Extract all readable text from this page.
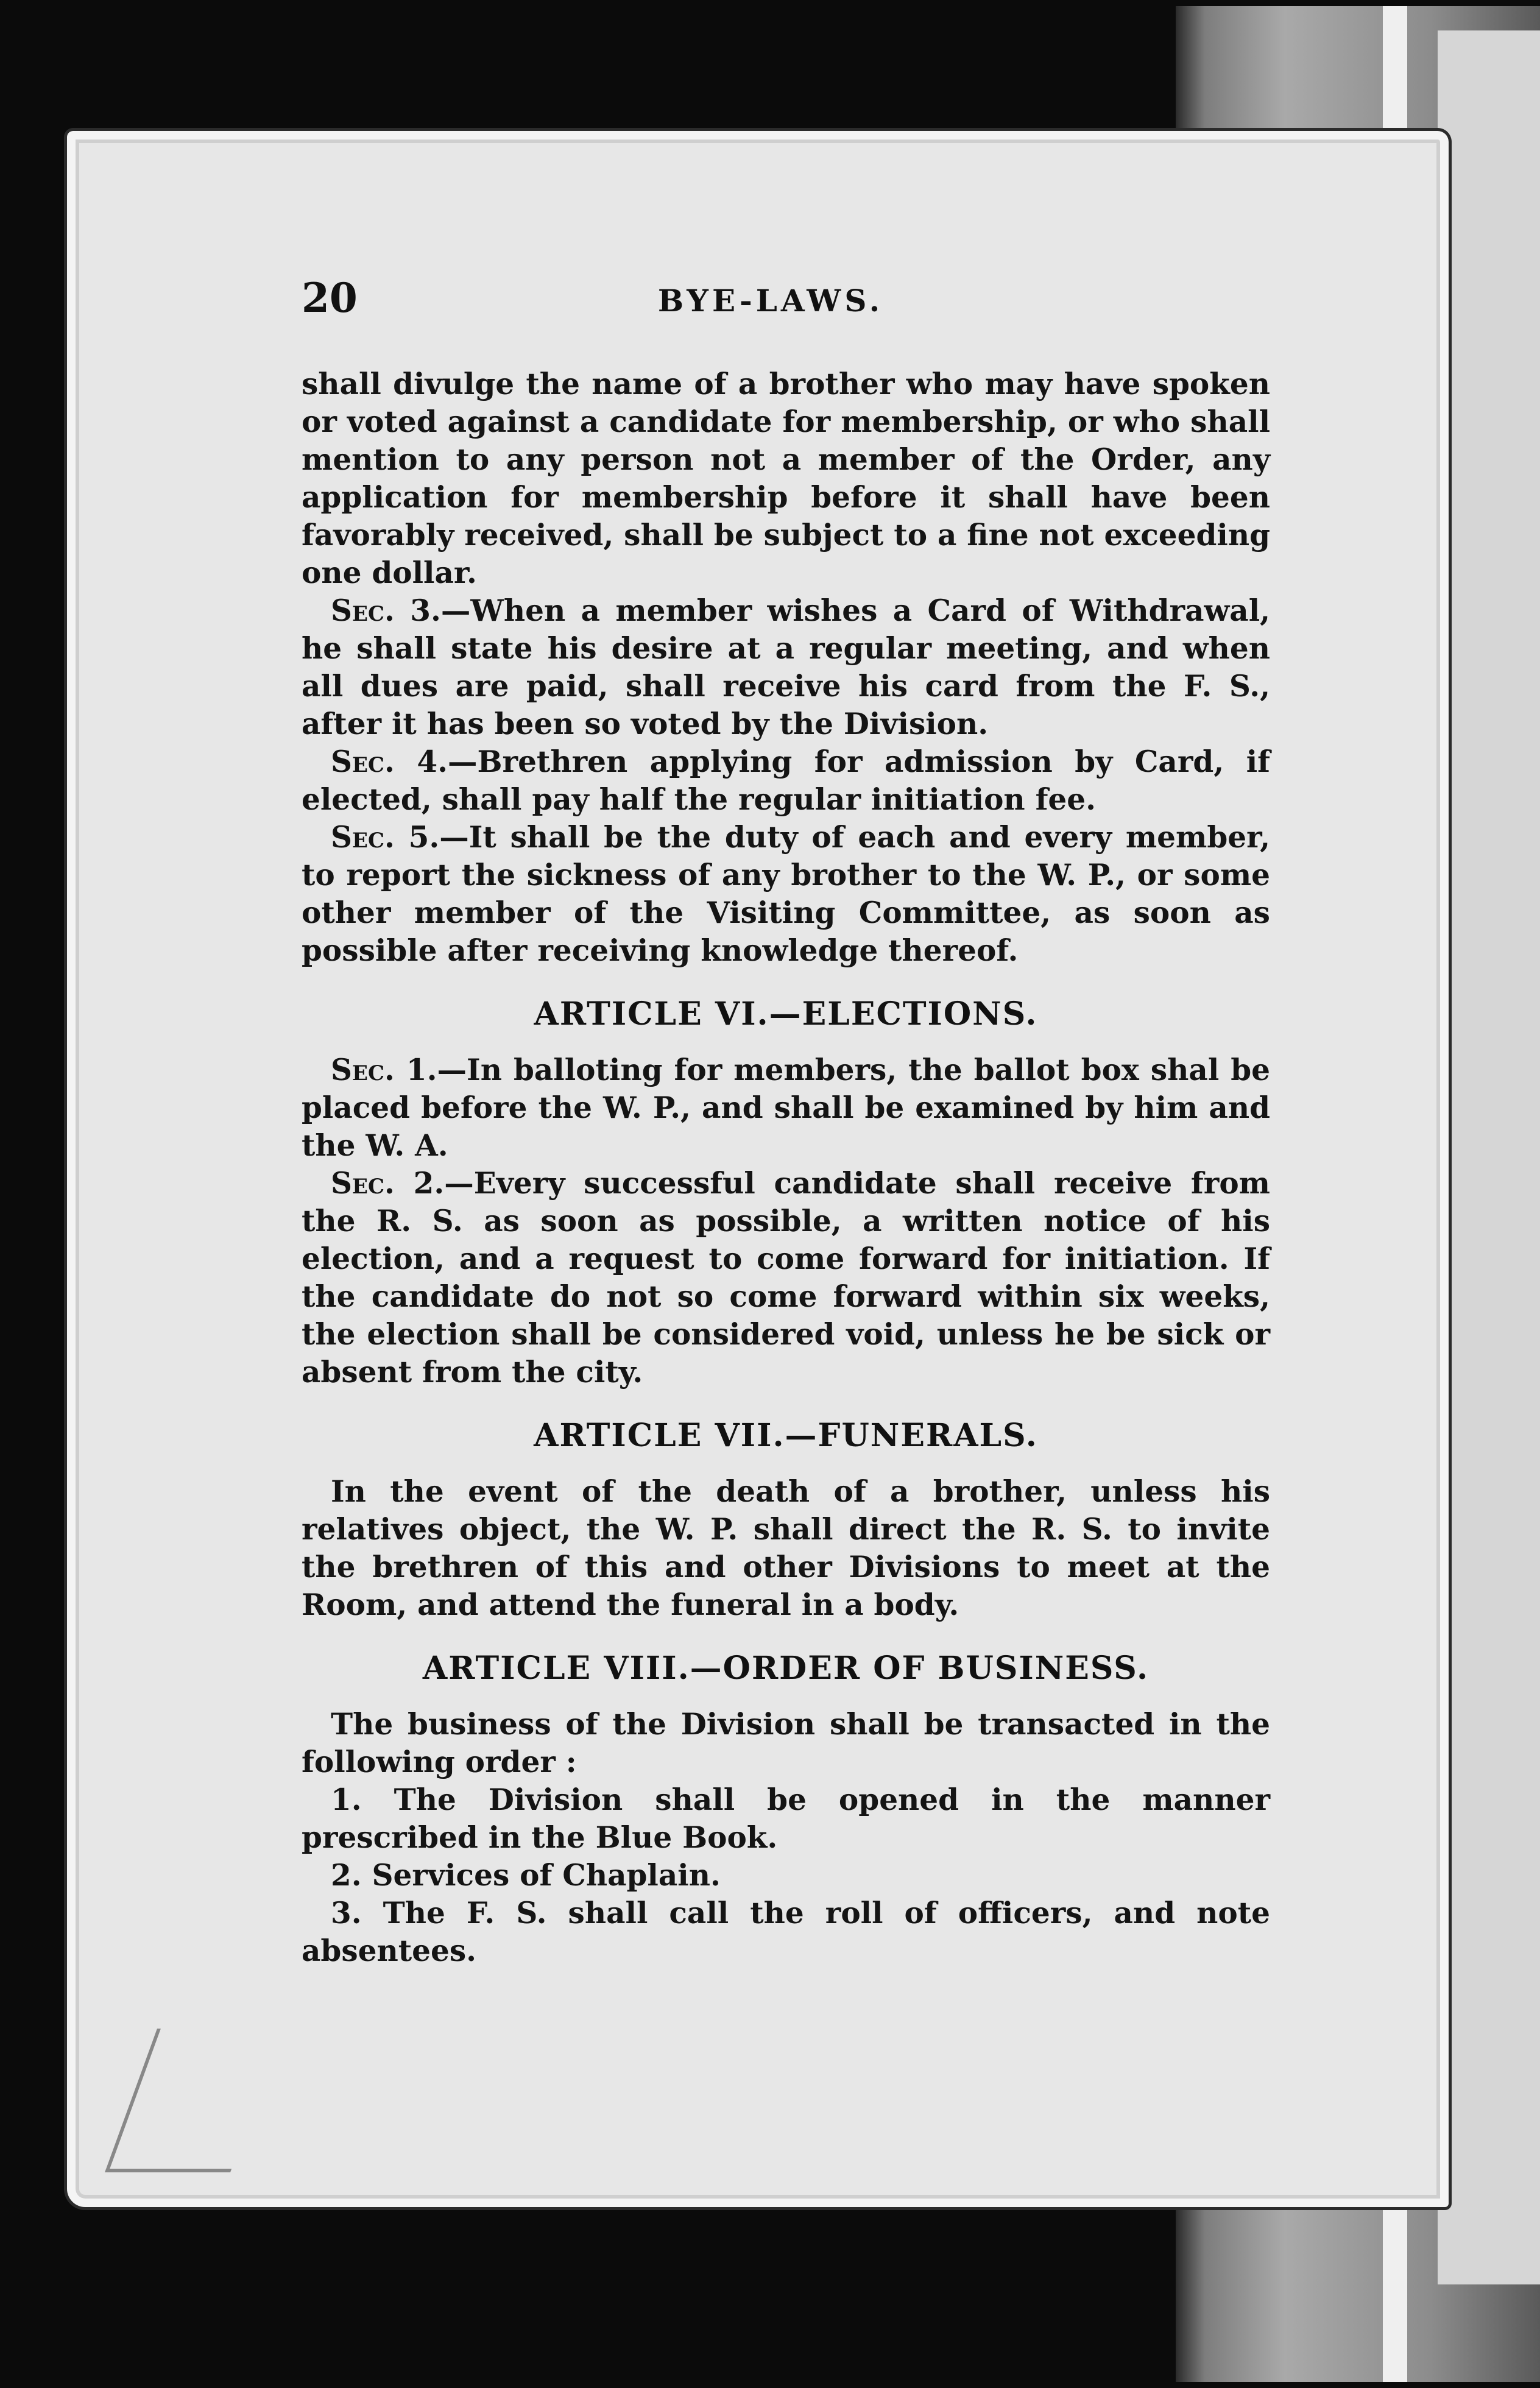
20	BYE-LAWS.

shall divulge the name of a brother who may have spoken or voted against a candidate for membership, or who shall mention to any person not a member of the Order, any application for membership before it shall have been favorably received, shall be subject to a fine not exceeding one dollar.

Sec. 3.—When a member wishes a Card of Withdrawal, he shall state his desire at a regular meeting, and when all dues are paid, shall receive his card from the F. S., after it has been so voted by the Division.

Sec. 4.—Brethren applying for admission by Card, if elected, shall pay half the regular initiation fee.

Sec. 5.—It shall be the duty of each and every member, to report the sickness of any brother to the W. P., or some other member of the Visiting Committee, as soon as possible after receiving knowledge thereof.

ARTICLE VI.—ELECTIONS.

Sec. 1.—In balloting for members, the ballot box shal be placed before the W. P., and shall be examined by him and the W. A.

Sec. 2.—Every successful candidate shall receive from the R. S. as soon as possible, a written notice of his election, and a request to come forward for initiation. If the candidate do not so come forward within six weeks, the election shall be considered void, unless he be sick or absent from the city.

ARTICLE VII.—FUNERALS.

In the event of the death of a brother, unless his relatives object, the W. P. shall direct the R. S. to invite the brethren of this and other Divisions to meet at the Room, and attend the funeral in a body.

ARTICLE VIII.—ORDER OF BUSINESS.

The business of the Division shall be transacted in the following order :

1. The Division shall be opened in the manner prescribed in the Blue Book.

2. Services of Chaplain.

3. The F. S. shall call the roll of officers, and note absentees.
